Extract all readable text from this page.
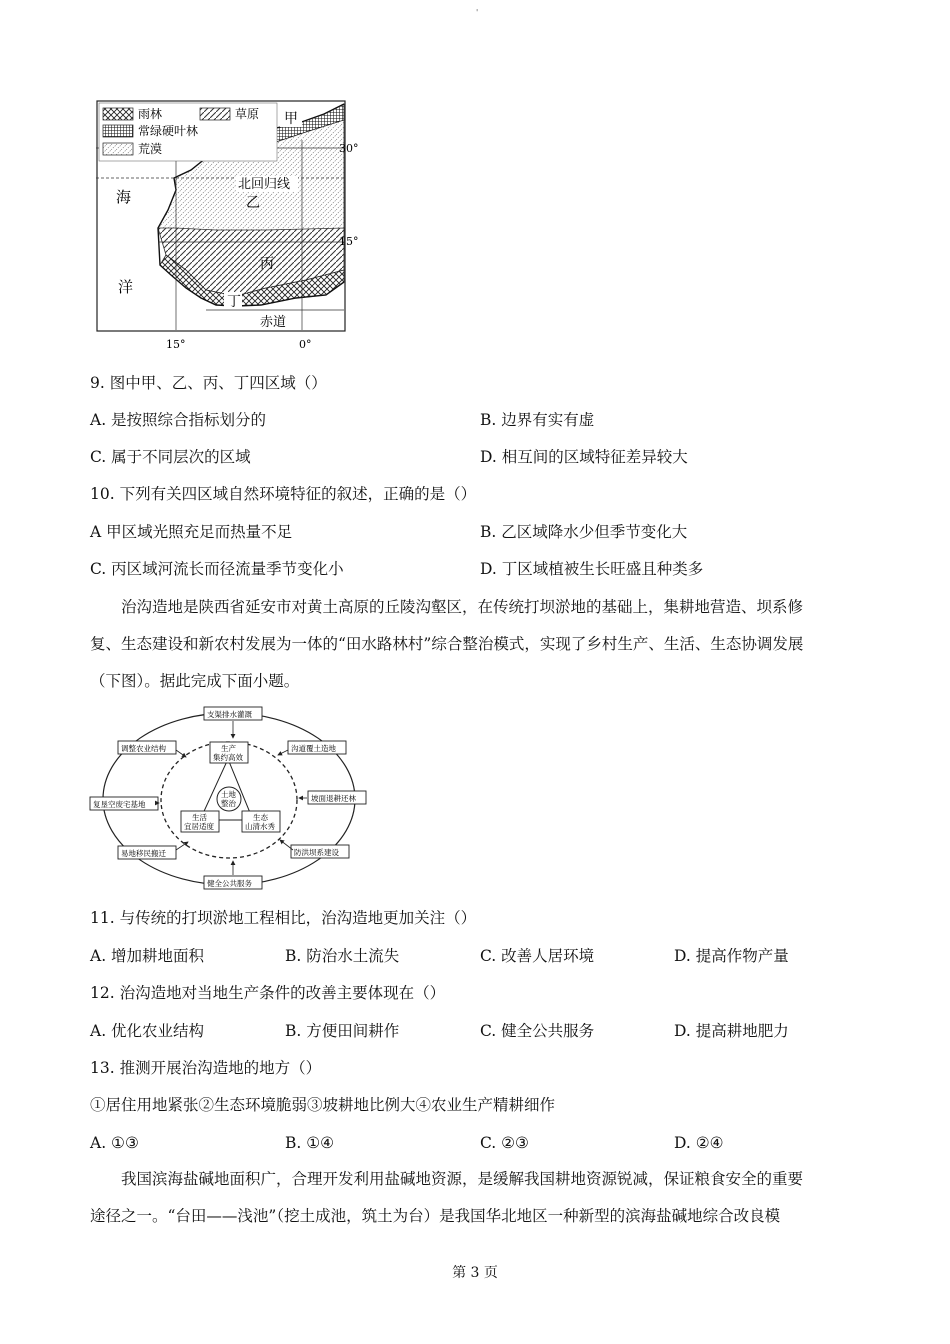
'
雨林	草原
常绿硬叶林
荒漠
甲
北回归线
乙
丙
丁
赤道
海
洋
30°
15°
15°	0°
9. 图中甲、乙、丙、丁四区域（）
A. 是按照综合指标划分的	B. 边界有实有虚
C. 属于不同层次的区域	D. 相互间的区域特征差异较大
10. 下列有关四区域自然环境特征的叙述，正确的是（）
A 甲区域光照充足而热量不足	B. 乙区域降水少但季节变化大
C. 丙区域河流长而径流量季节变化小	D. 丁区域植被生长旺盛且种类多
治沟造地是陕西省延安市对黄土高原的丘陵沟壑区，在传统打坝淤地的基础上，集耕地营造、坝系修
复、生态建设和新农村发展为一体的“田水路林村”综合整治模式，实现了乡村生产、生活、生态协调发展
（下图）。据此完成下面小题。
土地
整治
生产
集约高效
生活
宜居适度
生态
山清水秀
支渠排水灌溉
沟道覆土造地
坡面退耕还林
防洪坝系建设
健全公共服务
易地移民搬迁
复垦空废宅基地
调整农业结构
11. 与传统的打坝淤地工程相比，治沟造地更加关注（）
A. 增加耕地面积	B. 防治水土流失	C. 改善人居环境	D. 提高作物产量
12. 治沟造地对当地生产条件的改善主要体现在（）
A. 优化农业结构	B. 方便田间耕作	C. 健全公共服务	D. 提高耕地肥力
13. 推测开展治沟造地的地方（）
①居住用地紧张②生态环境脆弱③坡耕地比例大④农业生产精耕细作
A. ①③	B. ①④	C. ②③	D. ②④
我国滨海盐碱地面积广，合理开发利用盐碱地资源，是缓解我国耕地资源锐减，保证粮食安全的重要
途径之一。“台田——浅池”（挖土成池，筑土为台）是我国华北地区一种新型的滨海盐碱地综合改良模
第 3 页
